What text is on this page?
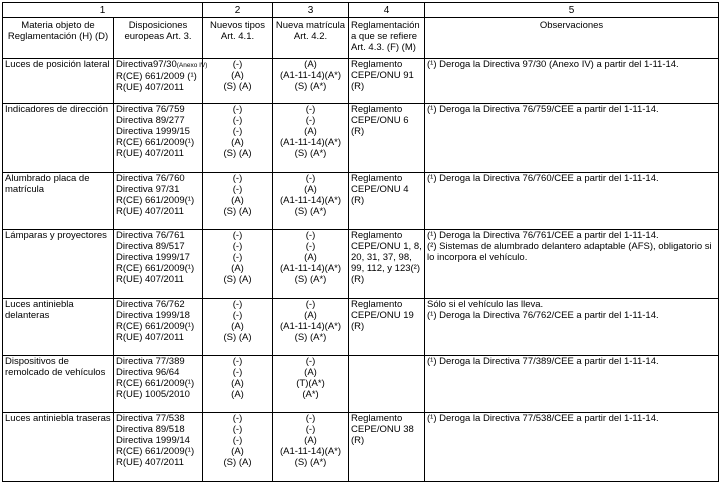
1		2	3	4	5
Materia objeto de Reglamentación (H) (D)	Disposiciones europeas Art. 3.	Nuevos tipos Art. 4.1.	Nueva matrícula Art. 4.2.	Reglamentación a que se refiere Art. 4.3. (F) (M)	Observaciones
Luces de posición lateral	Directiva97/30(Anexo IV)
R(CE) 661/2009 (¹)
R(UE) 407/2011	(-)
(A)
(S) (A)	(A)
(A1-11-14)(A*)
(S) (A*)	Reglamento
CEPE/ONU 91
(R)	(¹) Deroga la Directiva 97/30 (Anexo IV) a partir del 1-11-14.

Indicadores de dirección	Directiva 76/759
Directiva 89/277
Directiva 1999/15
R(CE) 661/2009(¹)
R(UE) 407/2011	(-)
(-)
(-)
(A)
(S) (A)	(-)
(-)
(A)
(A1-11-14)(A*)
(S) (A*)	Reglamento
CEPE/ONU 6
(R)	(¹) Deroga la Directiva 76/759/CEE a partir del 1-11-14.

Alumbrado placa de matrícula	Directiva 76/760
Directiva 97/31
R(CE) 661/2009(¹)
R(UE) 407/2011	(-)
(-)
(A)
(S) (A)	(-)
(A)
(A1-11-14)(A*)
(S) (A*)	Reglamento
CEPE/ONU 4
(R)	(¹) Deroga la Directiva 76/760/CEE a partir del 1-11-14.

Lámparas y proyectores	Directiva 76/761
Directiva 89/517
Directiva 1999/17
R(CE) 661/2009(¹)
R(UE) 407/2011	(-)
(-)
(-)
(A)
(S) (A)	(-)
(-)
(A)
(A1-11-14)(A*)
(S) (A*)	Reglamento
CEPE/ONU 1, 8,
20, 31, 37, 98,
99, 112, y 123(²)
(R)	(¹) Deroga la Directiva 76/761/CEE a partir del 1-11-14.
(²) Sistemas de alumbrado delantero adaptable (AFS), obligatorio si
lo incorpora el vehículo.

Luces antiniebla delanteras	Directiva 76/762
Directiva 1999/18
R(CE) 661/2009(¹)
R(UE) 407/2011	(-)
(-)
(A)
(S) (A)	(-)
(A)
(A1-11-14)(A*)
(S) (A*)	Reglamento
CEPE/ONU 19
(R)	Sólo si el vehículo las lleva.
(¹) Deroga la Directiva 76/762/CEE a partir del 1-11-14.

Dispositivos de remolcado de vehículos	Directiva 77/389
Directiva 96/64
R(CE) 661/2009(¹)
R(UE) 1005/2010	(-)
(-)
(A)
(A)	(-)
(A)
(T)(A*)
(A*)		(¹) Deroga la Directiva 77/389/CEE a partir del 1-11-14.

Luces antiniebla traseras	Directiva 77/538
Directiva 89/518
Directiva 1999/14
R(CE) 661/2009(¹)
R(UE) 407/2011	(-)
(-)
(-)
(A)
(S) (A)	(-)
(-)
(A)
(A1-11-14)(A*)
(S) (A*)	Reglamento
CEPE/ONU 38
(R)	(¹) Deroga la Directiva 77/538/CEE a partir del 1-11-14.
